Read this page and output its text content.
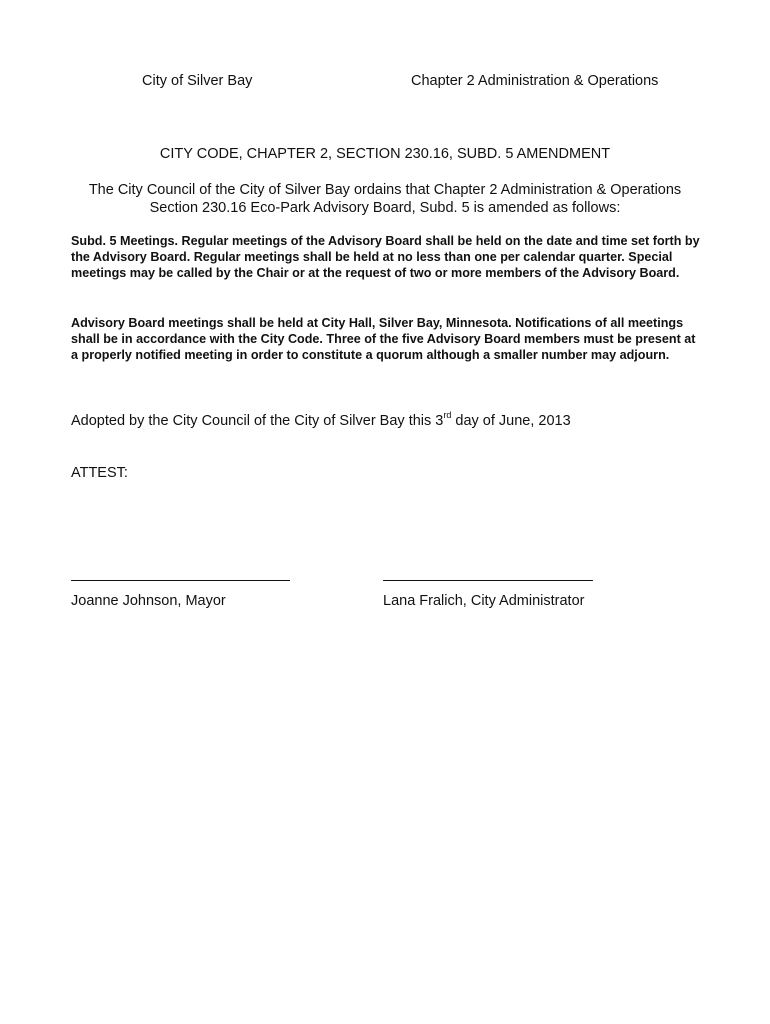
City of Silver Bay	Chapter 2 Administration & Operations
CITY CODE, CHAPTER 2, SECTION 230.16, SUBD. 5 AMENDMENT
The City Council of the City of Silver Bay ordains that Chapter 2 Administration & Operations
Section 230.16 Eco-Park Advisory Board, Subd. 5 is amended as follows:
Subd. 5 Meetings. Regular meetings of the Advisory Board shall be held on the date and time set forth by the Advisory Board. Regular meetings shall be held at no less than one per calendar quarter. Special meetings may be called by the Chair or at the request of two or more members of the Advisory Board.
Advisory Board meetings shall be held at City Hall, Silver Bay, Minnesota. Notifications of all meetings shall be in accordance with the City Code. Three of the five Advisory Board members must be present at a properly notified meeting in order to constitute a quorum although a smaller number may adjourn.
Adopted by the City Council of the City of Silver Bay this 3rd day of June, 2013
ATTEST:
Joanne Johnson, Mayor	Lana Fralich, City Administrator
